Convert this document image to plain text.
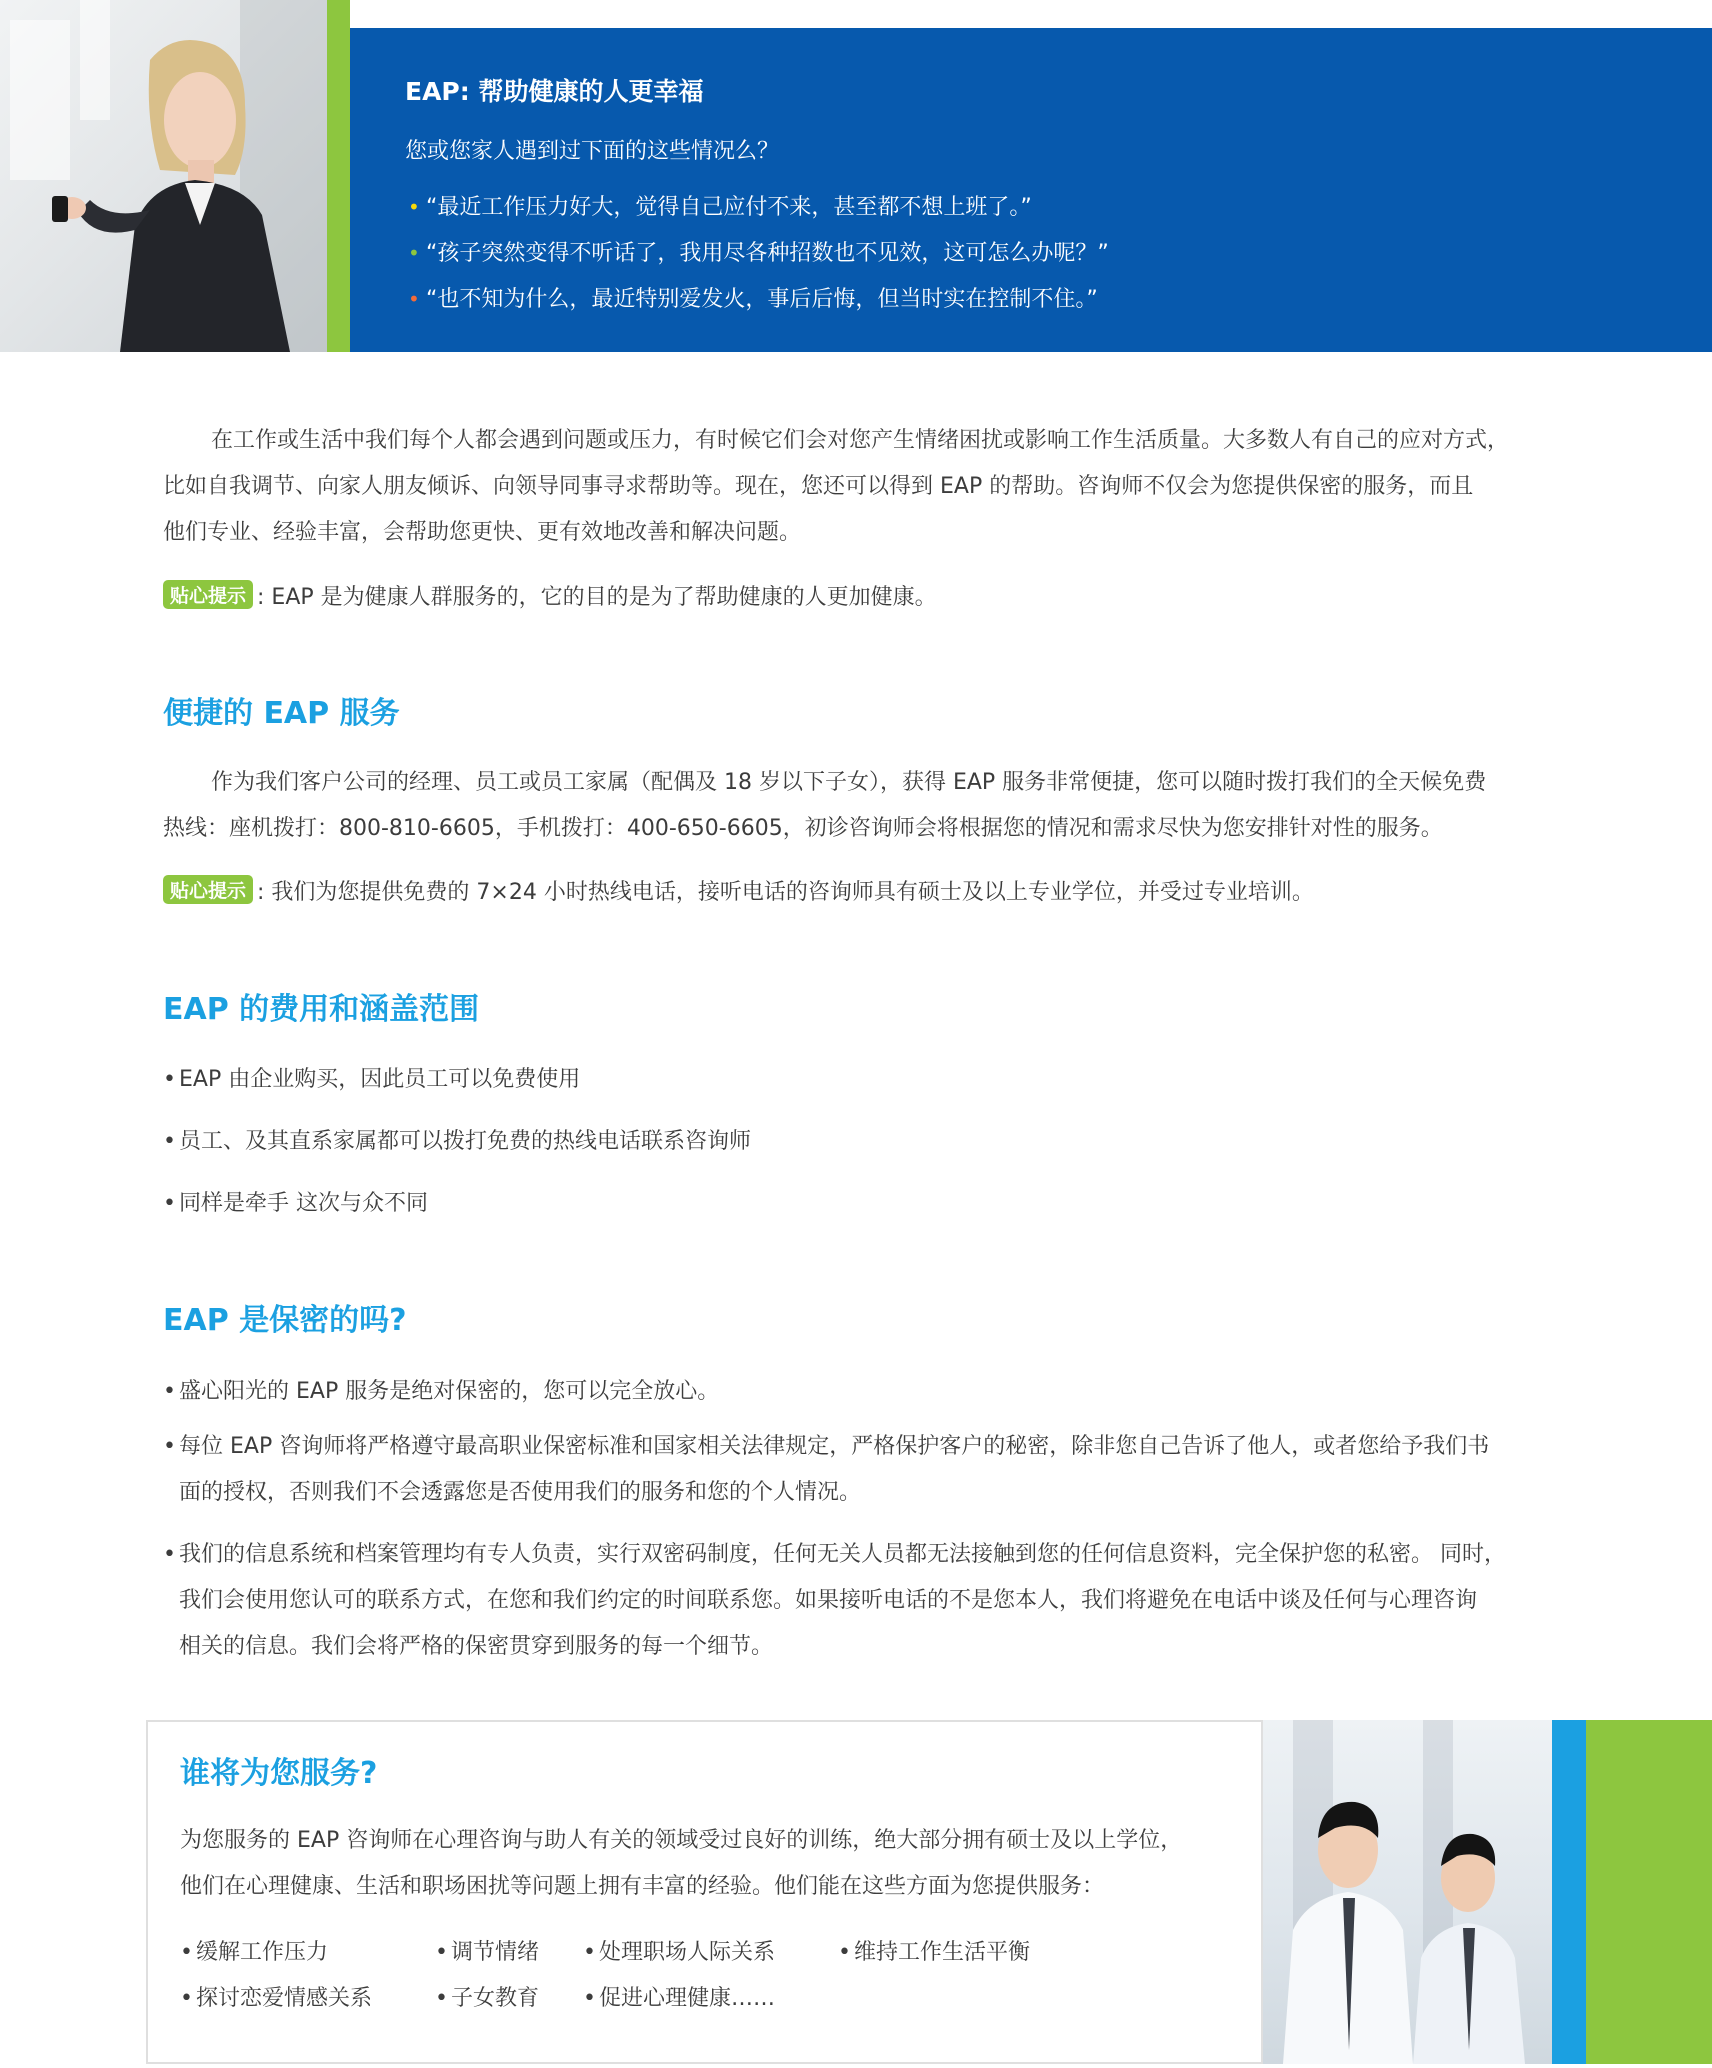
EAP: 帮助健康的人更幸福
您或您家人遇到过下面的这些情况么？
• “最近工作压力好大，觉得自己应付不来，甚至都不想上班了。”
• “孩子突然变得不听话了，我用尽各种招数也不见效，这可怎么办呢？”
• “也不知为什么，最近特别爱发火，事后后悔，但当时实在控制不住。”
在工作或生活中我们每个人都会遇到问题或压力，有时候它们会对您产生情绪困扰或影响工作生活质量。大多数人有自己的应对方式，
比如自我调节、向家人朋友倾诉、向领导同事寻求帮助等。现在，您还可以得到 EAP 的帮助。咨询师不仅会为您提供保密的服务，而且
他们专业、经验丰富，会帮助您更快、更有效地改善和解决问题。
贴心提示 : EAP 是为健康人群服务的，它的目的是为了帮助健康的人更加健康。
便捷的 EAP 服务
作为我们客户公司的经理、员工或员工家属（配偶及 18 岁以下子女），获得 EAP 服务非常便捷，您可以随时拨打我们的全天候免费
热线：座机拨打：800-810-6605，手机拨打：400-650-6605，初诊咨询师会将根据您的情况和需求尽快为您安排针对性的服务。
贴心提示 : 我们为您提供免费的 7×24 小时热线电话，接听电话的咨询师具有硕士及以上专业学位，并受过专业培训。
EAP 的费用和涵盖范围
• EAP 由企业购买，因此员工可以免费使用
• 员工、及其直系家属都可以拨打免费的热线电话联系咨询师
• 同样是牵手 这次与众不同
EAP 是保密的吗?
• 盛心阳光的 EAP 服务是绝对保密的，您可以完全放心。
• 每位 EAP 咨询师将严格遵守最高职业保密标准和国家相关法律规定，严格保护客户的秘密，除非您自己告诉了他人，或者您给予我们书
面的授权，否则我们不会透露您是否使用我们的服务和您的个人情况。
• 我们的信息系统和档案管理均有专人负责，实行双密码制度，任何无关人员都无法接触到您的任何信息资料，完全保护您的私密。 同时，
我们会使用您认可的联系方式，在您和我们约定的时间联系您。如果接听电话的不是您本人，我们将避免在电话中谈及任何与心理咨询
相关的信息。我们会将严格的保密贯穿到服务的每一个细节。
谁将为您服务?
为您服务的 EAP 咨询师在心理咨询与助人有关的领域受过良好的训练，绝大部分拥有硕士及以上学位，
他们在心理健康、生活和职场困扰等问题上拥有丰富的经验。他们能在这些方面为您提供服务：
• 缓解工作压力	• 调节情绪 • 处理职场人际关系	• 维持工作生活平衡
• 探讨恋爱情感关系	• 子女教育 • 促进心理健康……
